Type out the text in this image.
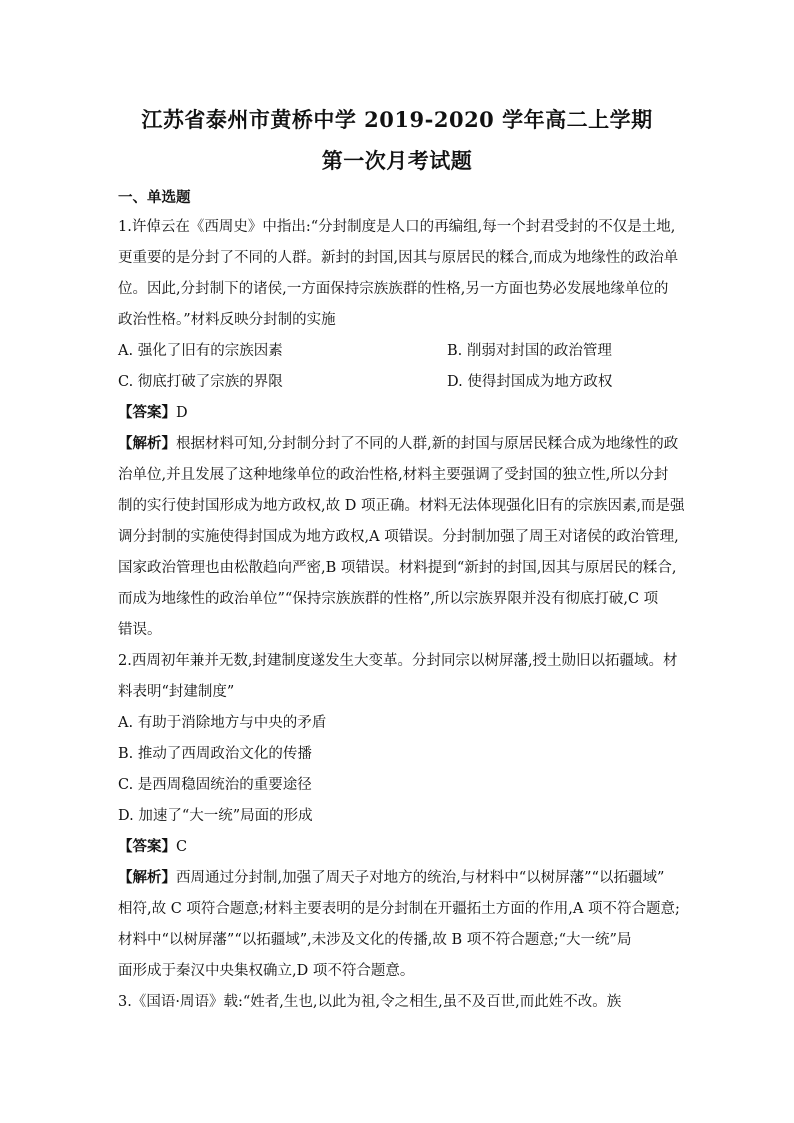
江苏省泰州市黄桥中学 2019-2020 学年高二上学期
第一次月考试题
一、单选题
1.许倬云在《西周史》中指出:“分封制度是人口的再编组,每一个封君受封的不仅是土地,
更重要的是分封了不同的人群。新封的封国,因其与原居民的糅合,而成为地缘性的政治单
位。因此,分封制下的诸侯,一方面保持宗族族群的性格,另一方面也势必发展地缘单位的
政治性格。”材料反映分封制的实施
A. 强化了旧有的宗族因素	B. 削弱对封国的政治管理
C. 彻底打破了宗族的界限	D. 使得封国成为地方政权
【答案】D
【解析】根据材料可知,分封制分封了不同的人群,新的封国与原居民糅合成为地缘性的政
治单位,并且发展了这种地缘单位的政治性格,材料主要强调了受封国的独立性,所以分封
制的实行使封国形成为地方政权,故 D 项正确。材料无法体现强化旧有的宗族因素,而是强
调分封制的实施使得封国成为地方政权,A 项错误。分封制加强了周王对诸侯的政治管理,
国家政治管理也由松散趋向严密,B 项错误。材料提到“新封的封国,因其与原居民的糅合,
而成为地缘性的政治单位”“保持宗族族群的性格”,所以宗族界限并没有彻底打破,C 项
错误。
2.西周初年兼并无数,封建制度遂发生大变革。分封同宗以树屏藩,授土勋旧以拓疆域。材
料表明“封建制度”
A. 有助于消除地方与中央的矛盾
B. 推动了西周政治文化的传播
C. 是西周稳固统治的重要途径
D. 加速了“大一统”局面的形成
【答案】C
【解析】西周通过分封制,加强了周天子对地方的统治,与材料中“以树屏藩”“以拓疆域”
相符,故 C 项符合题意;材料主要表明的是分封制在开疆拓土方面的作用,A 项不符合题意;
材料中“以树屏藩”“以拓疆域”,未涉及文化的传播,故 B 项不符合题意;“大一统”局
面形成于秦汉中央集权确立,D 项不符合题意。
3.《国语·周语》载:“姓者,生也,以此为祖,令之相生,虽不及百世,而此姓不改。族
